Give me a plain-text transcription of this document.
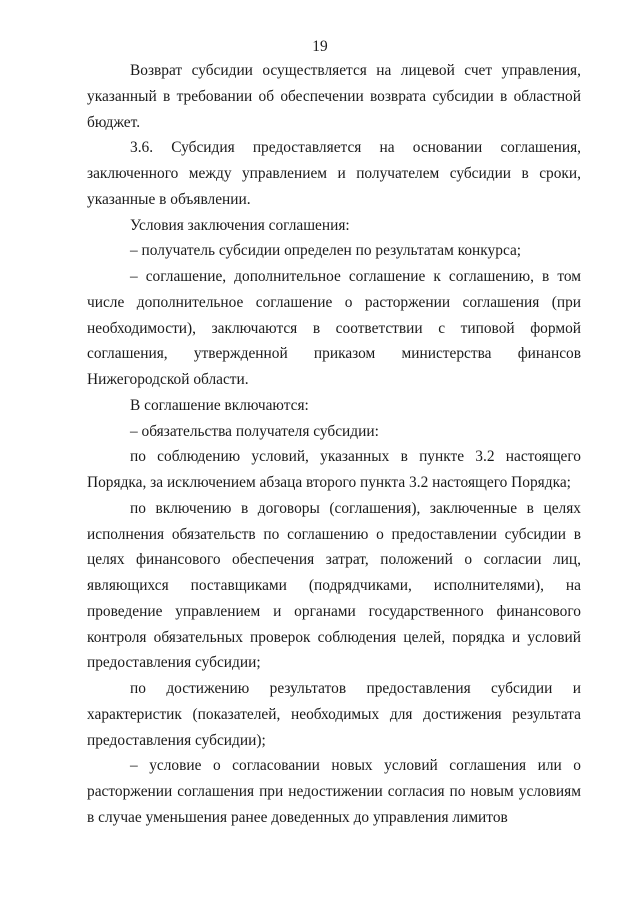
19

Возврат субсидии осуществляется на лицевой счет управления, указанный в требовании об обеспечении возврата субсидии в областной бюджет.

3.6. Субсидия предоставляется на основании соглашения, заключенного между управлением и получателем субсидии в сроки, указанные в объявлении.

Условия заключения соглашения:

– получатель субсидии определен по результатам конкурса;

– соглашение, дополнительное соглашение к соглашению, в том числе дополнительное соглашение о расторжении соглашения (при необходимости), заключаются в соответствии с типовой формой соглашения, утвержденной приказом министерства финансов Нижегородской области.

В соглашение включаются:

– обязательства получателя субсидии:

по соблюдению условий, указанных в пункте 3.2 настоящего Порядка, за исключением абзаца второго пункта 3.2 настоящего Порядка;

по включению в договоры (соглашения), заключенные в целях исполнения обязательств по соглашению о предоставлении субсидии в целях финансового обеспечения затрат, положений о согласии лиц, являющихся поставщиками (подрядчиками, исполнителями), на проведение управлением и органами государственного финансового контроля обязательных проверок соблюдения целей, порядка и условий предоставления субсидии;

по достижению результатов предоставления субсидии и характеристик (показателей, необходимых для достижения результата предоставления субсидии);

– условие о согласовании новых условий соглашения или о расторжении соглашения при недостижении согласия по новым условиям в случае уменьшения ранее доведенных до управления лимитов
